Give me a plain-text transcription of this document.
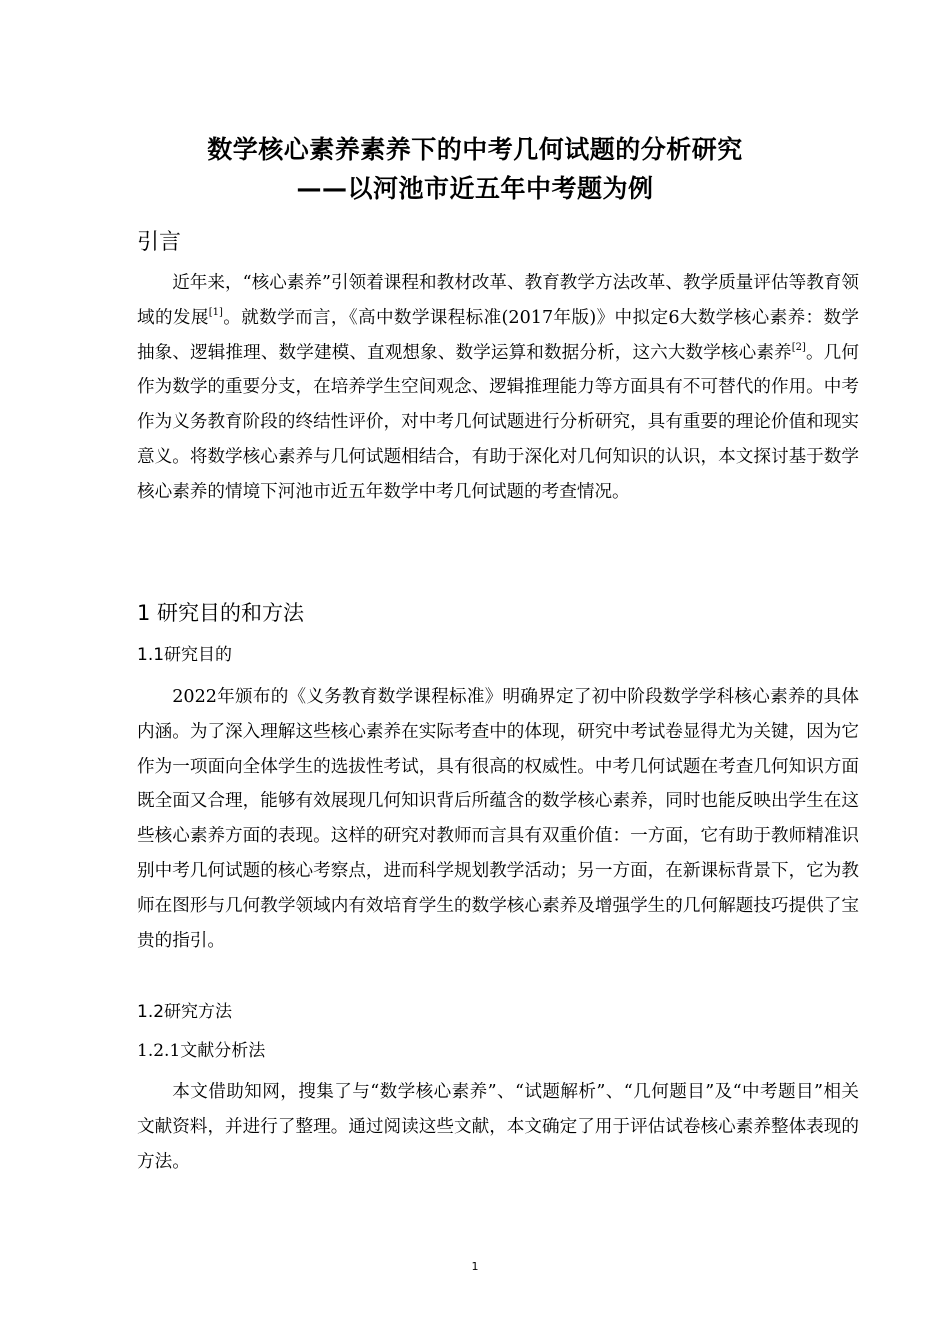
数学核心素养素养下的中考几何试题的分析研究
——以河池市近五年中考题为例
引言

近年来，“核心素养”引领着课程和教材改革、教育教学方法改革、教学质量评估等教育领域的发展[1]。就数学而言，《高中数学课程标准(2017年版)》中拟定6大数学核心素养：数学抽象、逻辑推理、数学建模、直观想象、数学运算和数据分析，这六大数学核心素养[2]。几何作为数学的重要分支，在培养学生空间观念、逻辑推理能力等方面具有不可替代的作用。中考作为义务教育阶段的终结性评价，对中考几何试题进行分析研究，具有重要的理论价值和现实意义。将数学核心素养与几何试题相结合，有助于深化对几何知识的认识，本文探讨基于数学核心素养的情境下河池市近五年数学中考几何试题的考查情况。

1 研究目的和方法
1.1研究目的

2022年颁布的《义务教育数学课程标准》明确界定了初中阶段数学学科核心素养的具体内涵。为了深入理解这些核心素养在实际考查中的体现，研究中考试卷显得尤为关键，因为它作为一项面向全体学生的选拔性考试，具有很高的权威性。中考几何试题在考查几何知识方面既全面又合理，能够有效展现几何知识背后所蕴含的数学核心素养，同时也能反映出学生在这些核心素养方面的表现。这样的研究对教师而言具有双重价值：一方面，它有助于教师精准识别中考几何试题的核心考察点，进而科学规划教学活动；另一方面，在新课标背景下，它为教师在图形与几何教学领域内有效培育学生的数学核心素养及增强学生的几何解题技巧提供了宝贵的指引。

1.2研究方法
1.2.1文献分析法

本文借助知网，搜集了与“数学核心素养”、“试题解析”、“几何题目”及“中考题目”相关文献资料，并进行了整理。通过阅读这些文献，本文确定了用于评估试卷核心素养整体表现的方法。

1
